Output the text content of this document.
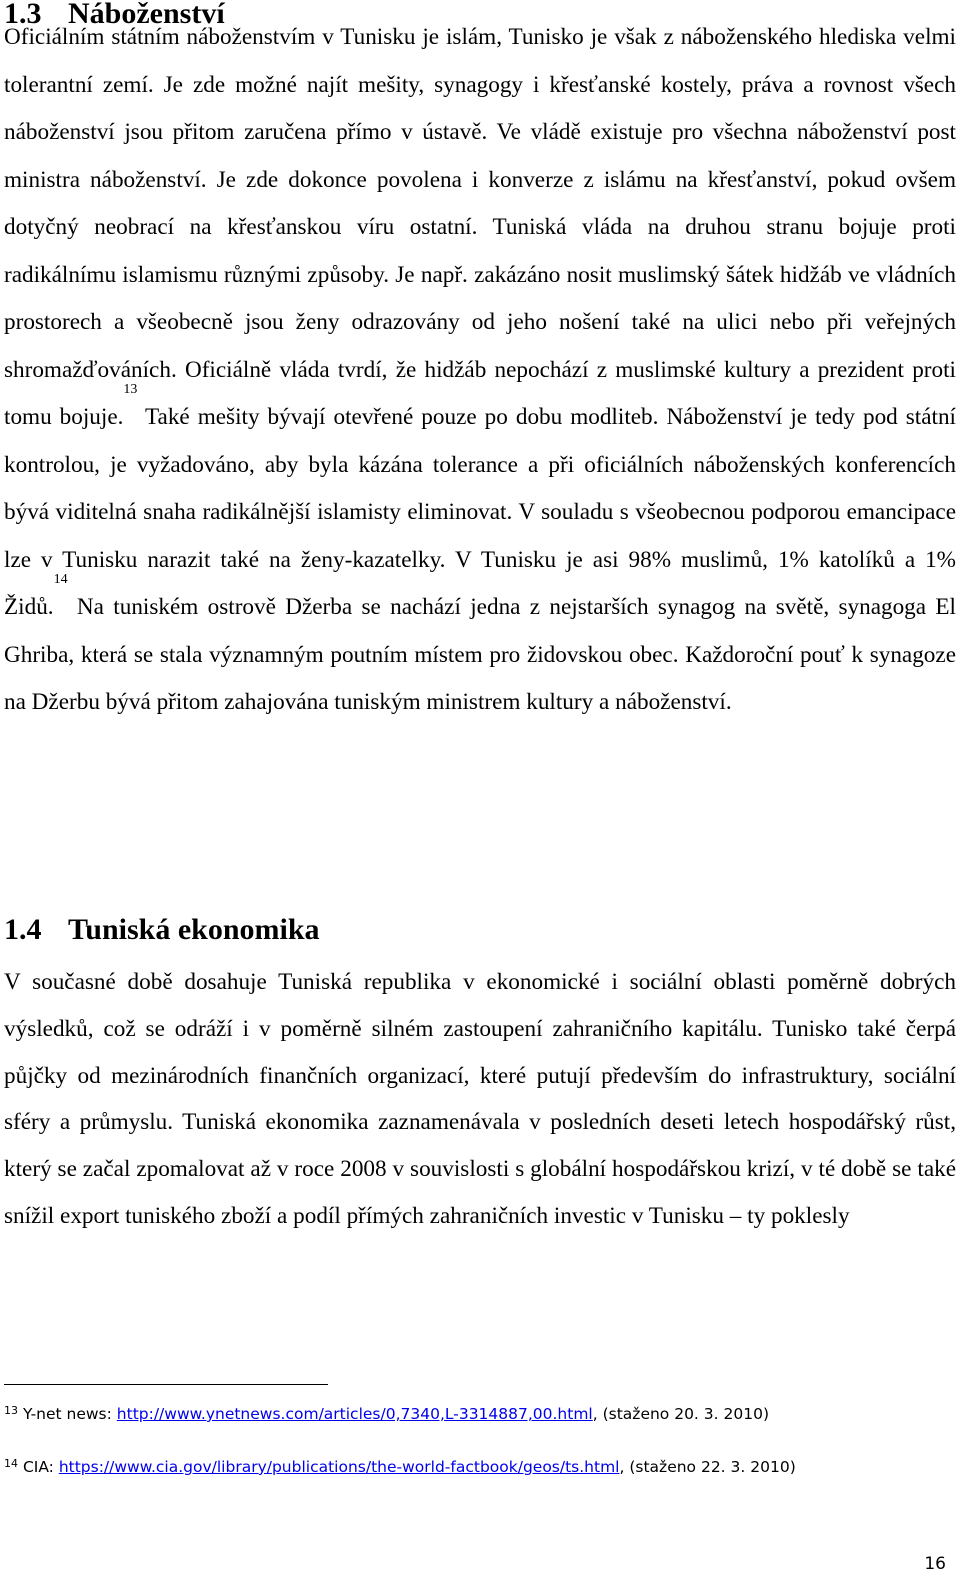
1.3 Náboženství

Oficiálním státním náboženstvím v Tunisku je islám, Tunisko je však z náboženského hlediska velmi tolerantní zemí. Je zde možné najít mešity, synagogy i křesťanské kostely, práva a rovnost všech náboženství jsou přitom zaručena přímo v ústavě. Ve vládě existuje pro všechna náboženství post ministra náboženství. Je zde dokonce povolena i konverze z islámu na křesťanství, pokud ovšem dotyčný neobrací na křesťanskou víru ostatní. Tuniská vláda na druhou stranu bojuje proti radikálnímu islamismu různými způsoby. Je např. zakázáno nosit muslimský šátek hidžáb ve vládních prostorech a všeobecně jsou ženy odrazovány od jeho nošení také na ulici nebo při veřejných shromažďováních. Oficiálně vláda tvrdí, že hidžáb nepochází z muslimské kultury a prezident proti tomu bojuje.$^{13}$ Také mešity bývají otevřené pouze po dobu modliteb. Náboženství je tedy pod státní kontrolou, je vyžadováno, aby byla kázána tolerance a při oficiálních náboženských konferencích bývá viditelná snaha radikálnější islamisty eliminovat. V souladu s všeobecnou podporou emancipace lze v Tunisku narazit také na ženy-kazatelky. V Tunisku je asi 98% muslimů, 1% katolíků a 1% Židů.$^{14}$ Na tuniském ostrově Džerba se nachází jedna z nejstarších synagog na světě, synagoga El Ghriba, která se stala významným poutním místem pro židovskou obec. Každoroční pouť k synagoze na Džerbu bývá přitom zahajována tuniským ministrem kultury a náboženství.

1.4 Tuniská ekonomika

V současné době dosahuje Tuniská republika v ekonomické i sociální oblasti poměrně dobrých výsledků, což se odráží i v poměrně silném zastoupení zahraničního kapitálu. Tunisko také čerpá půjčky od mezinárodních finančních organizací, které putují především do infrastruktury, sociální sféry a průmyslu. Tuniská ekonomika zaznamenávala v posledních deseti letech hospodářský růst, který se začal zpomalovat až v roce 2008 v souvislosti s globální hospodářskou krizí, v té době se také snížil export tuniského zboží a podíl přímých zahraničních investic v Tunisku – ty poklesly

$^{13}$ Y-net news: http://www.ynetnews.com/articles/0,7340,L-3314887,00.html, (staženo 20. 3. 2010)

$^{14}$ CIA: https://www.cia.gov/library/publications/the-world-factbook/geos/ts.html, (staženo 22. 3. 2010)

16
